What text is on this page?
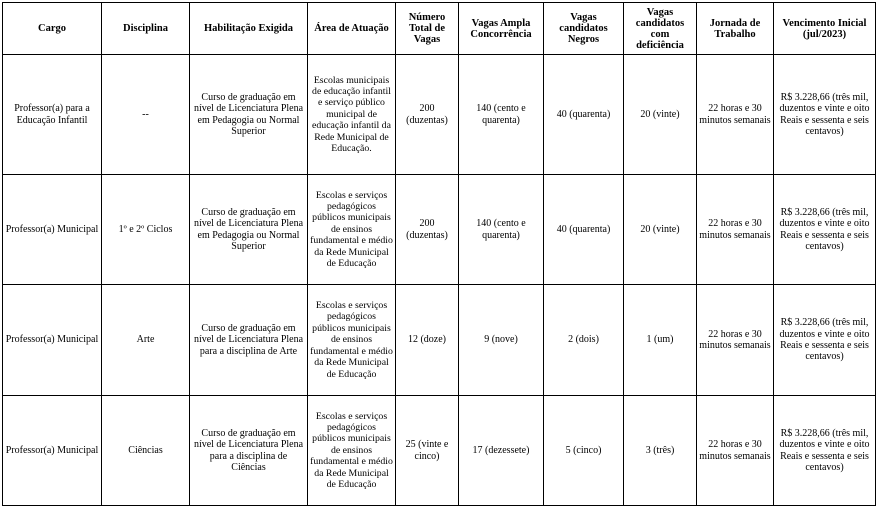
Cargo	Disciplina	Habilitação Exigida	Área de Atuação	Número Total de Vagas	Vagas Ampla Concorrência	Vagas candidatos Negros	Vagas candidatos com deficiência	Jornada de Trabalho	Vencimento Inicial (jul/2023)
Professor(a) para a Educação Infantil	--	Curso de graduação em nível de Licenciatura Plena em Pedagogia ou Normal Superior	Escolas municipais de educação infantil e serviço público municipal de educação infantil da Rede Municipal de Educação.	200 (duzentas)	140 (cento e quarenta)	40 (quarenta)	20 (vinte)	22 horas e 30 minutos semanais	R$ 3.228,66 (três mil, duzentos e vinte e oito Reais e sessenta e seis centavos)
Professor(a) Municipal	1º e 2º Ciclos	Curso de graduação em nível de Licenciatura Plena em Pedagogia ou Normal Superior	Escolas e serviços pedagógicos públicos municipais de ensinos fundamental e médio da Rede Municipal de Educação	200 (duzentas)	140 (cento e quarenta)	40 (quarenta)	20 (vinte)	22 horas e 30 minutos semanais	R$ 3.228,66 (três mil, duzentos e vinte e oito Reais e sessenta e seis centavos)
Professor(a) Municipal	Arte	Curso de graduação em nível de Licenciatura Plena para a disciplina de Arte	Escolas e serviços pedagógicos públicos municipais de ensinos fundamental e médio da Rede Municipal de Educação	12 (doze)	9 (nove)	2 (dois)	1 (um)	22 horas e 30 minutos semanais	R$ 3.228,66 (três mil, duzentos e vinte e oito Reais e sessenta e seis centavos)
Professor(a) Municipal	Ciências	Curso de graduação em nível de Licenciatura Plena para a disciplina de Ciências	Escolas e serviços pedagógicos públicos municipais de ensinos fundamental e médio da Rede Municipal de Educação	25 (vinte e cinco)	17 (dezessete)	5 (cinco)	3 (três)	22 horas e 30 minutos semanais	R$ 3.228,66 (três mil, duzentos e vinte e oito Reais e sessenta e seis centavos)
